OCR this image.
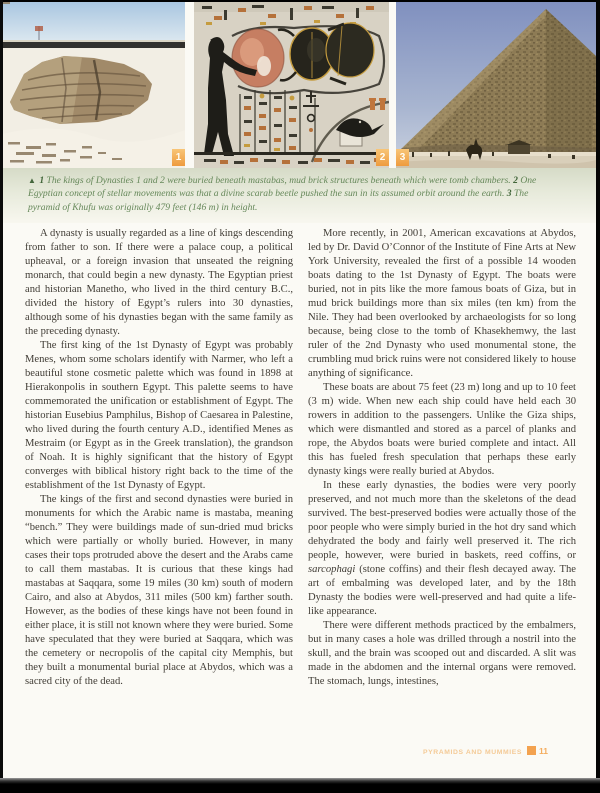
1	2	3
▲ 1 The kings of Dynasties 1 and 2 were buried beneath mastabas, mud brick structures beneath which were tomb chambers. 2 One Egyptian concept of stellar movements was that a divine scarab beetle pushed the sun in its assumed orbit around the earth. 3 The pyramid of Khufu was originally 479 feet (146 m) in height.

A dynasty is usually regarded as a line of kings descending from father to son. If there were a palace coup, a political upheaval, or a foreign invasion that unseated the reigning monarch, that could begin a new dynasty. The Egyptian priest and historian Manetho, who lived in the third century B.C., divided the history of Egypt’s rulers into 30 dynasties, although some of his dynasties began with the same family as the preceding dynasty.

The first king of the 1st Dynasty of Egypt was probably Menes, whom some scholars identify with Narmer, who left a beautiful stone cosmetic palette which was found in 1898 at Hierakonpolis in southern Egypt. This palette seems to have commemorated the unification or establishment of Egypt. The historian Eusebius Pamphilus, Bishop of Caesarea in Palestine, who lived during the fourth century A.D., identified Menes as Mestraim (or Egypt as in the Greek translation), the grandson of Noah. It is highly significant that the history of Egypt converges with biblical history right back to the time of the establishment of the 1st Dynasty of Egypt.

The kings of the first and second dynasties were buried in monuments for which the Arabic name is mastaba, meaning “bench.” They were buildings made of sun-dried mud bricks which were partially or wholly buried. However, in many cases their tops protruded above the desert and the Arabs came to call them mastabas. It is curious that these kings had mastabas at Saqqara, some 19 miles (30 km) south of modern Cairo, and also at Abydos, 311 miles (500 km) farther south. However, as the bodies of these kings have not been found in either place, it is still not known where they were buried. Some have speculated that they were buried at Saqqara, which was the cemetery or necropolis of the capital city Memphis, but they built a monumental burial place at Abydos, which was a sacred city of the dead.

More recently, in 2001, American excavations at Abydos, led by Dr. David O’Connor of the Institute of Fine Arts at New York University, revealed the first of a possible 14 wooden boats dating to the 1st Dynasty of Egypt. The boats were buried, not in pits like the more famous boats of Giza, but in mud brick buildings more than six miles (ten km) from the Nile. They had been overlooked by archaeologists for so long because, being close to the tomb of Khasekhemwy, the last ruler of the 2nd Dynasty who used monumental stone, the crumbling mud brick ruins were not considered likely to house anything of significance.

These boats are about 75 feet (23 m) long and up to 10 feet (3 m) wide. When new each ship could have held each 30 rowers in addition to the passengers. Unlike the Giza ships, which were dismantled and stored as a parcel of planks and rope, the Abydos boats were buried complete and intact. All this has fueled fresh speculation that perhaps these early dynasty kings were really buried at Abydos.

In these early dynasties, the bodies were very poorly preserved, and not much more than the skeletons of the dead survived. The best-preserved bodies were actually those of the poor people who were simply buried in the hot dry sand which dehydrated the body and fairly well preserved it. The rich people, however, were buried in baskets, reed coffins, or sarcophagi (stone coffins) and their flesh decayed away. The art of embalming was developed later, and by the 18th Dynasty the bodies were well-preserved and had quite a life-like appearance.

There were different methods practiced by the embalmers, but in many cases a hole was drilled through a nostril into the skull, and the brain was scooped out and discarded. A slit was made in the abdomen and the internal organs were removed. The stomach, lungs, intestines,

PYRAMIDS AND MUMMIES 11
